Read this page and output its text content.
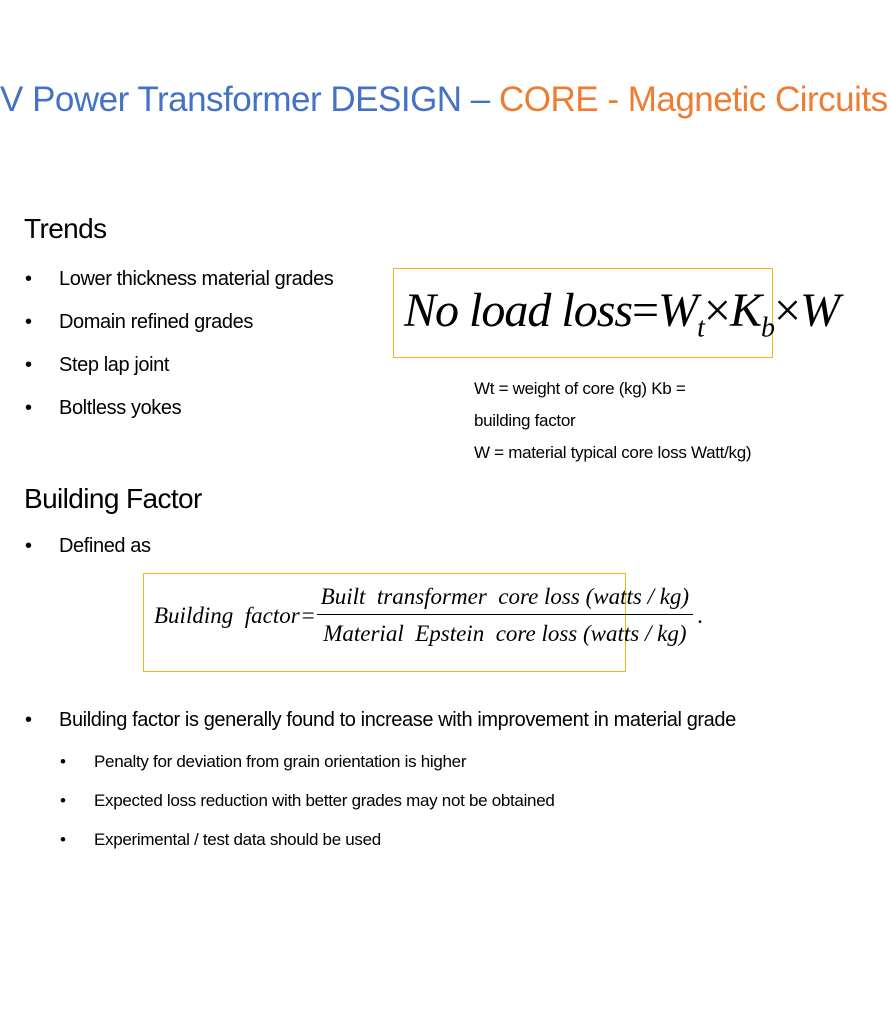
V Power Transformer DESIGN – CORE - Magnetic Circuits
Trends
• Lower thickness material grades
• Domain refined grades
• Step lap joint
• Boltless yokes
No load $loss=W_t\times K_b\times W$
Wt = weight of core (kg) Kb = building factor
W = material typical core loss Watt/kg)
Building Factor
• Defined as
Building  factor = $\frac{\text{Built  transformer  core loss (watts / kg)}}{\text{Material  Epstein  core loss (watts / kg)}}$ .
• Building factor is generally found to increase with improvement in material grade
• Penalty for deviation from grain orientation is higher
• Expected loss reduction with better grades may not be obtained
• Experimental / test data should be used
